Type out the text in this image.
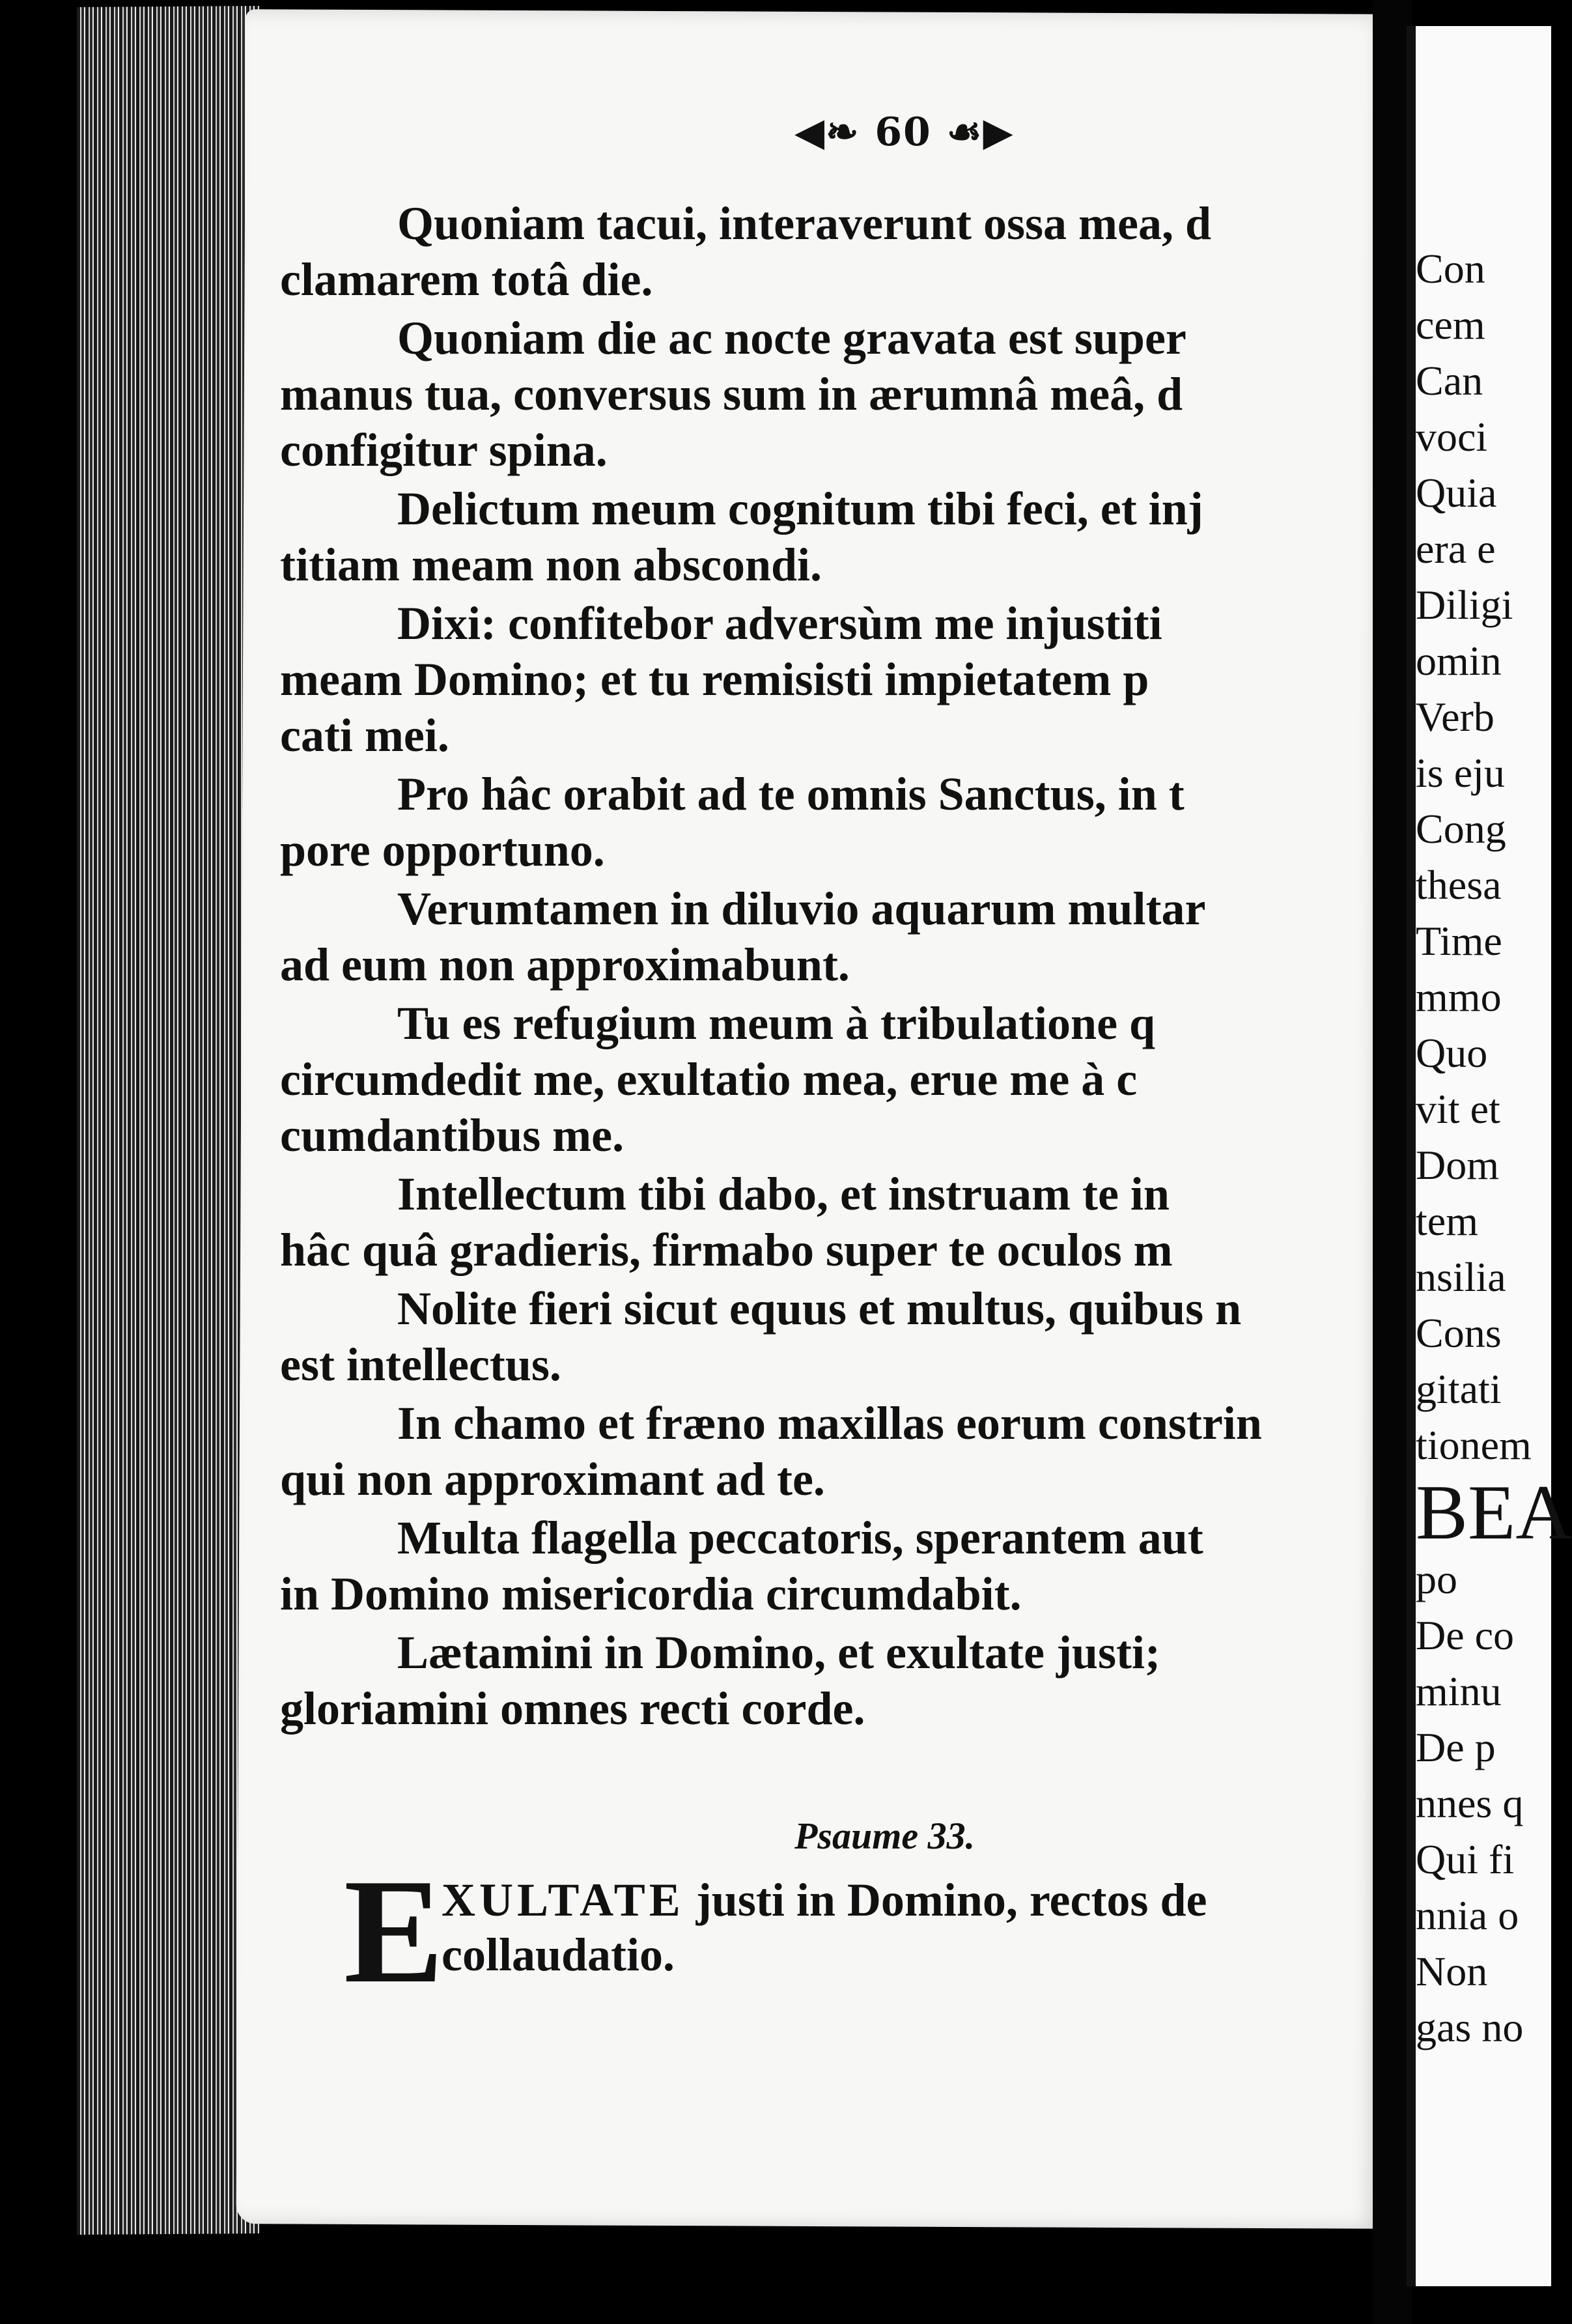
◀❧ 60 ☙▶
Quoniam tacui, interaverunt ossa mea, d
clamarem totâ die.
Quoniam die ac nocte gravata est super
manus tua, conversus sum in ærumnâ meâ, d
configitur spina.
Delictum meum cognitum tibi feci, et inj
titiam meam non abscondi.
Dixi: confitebor adversùm me injustiti
meam Domino; et tu remisisti impietatem p
cati mei.
Pro hâc orabit ad te omnis Sanctus, in t
pore opportuno.
Verumtamen in diluvio aquarum multar
ad eum non approximabunt.
Tu es refugium meum à tribulatione q
circumdedit me, exultatio mea, erue me à c
cumdantibus me.
Intellectum tibi dabo, et instruam te in
hâc quâ gradieris, firmabo super te oculos m
Nolite fieri sicut equus et multus, quibus n
est intellectus.
In chamo et fræno maxillas eorum constrin
qui non approximant ad te.
Multa flagella peccatoris, sperantem aut
in Domino misericordia circumdabit.
Lætamini in Domino, et exultate justi;
gloriamini omnes recti corde.
Psaume 33.
E
XULTATE justi in Domino, rectos de
collaudatio.
Con
cem
Can
voci
Quia
era e
Diligi
omin
Verb
is eju
Cong
thesa
Time
mmo
Quo
vit et
Dom
tem
nsilia
Cons
gitati
tionem
BEA
po
De co
minu
De p
nnes q
Qui fi
nnia o
Non
gas no
